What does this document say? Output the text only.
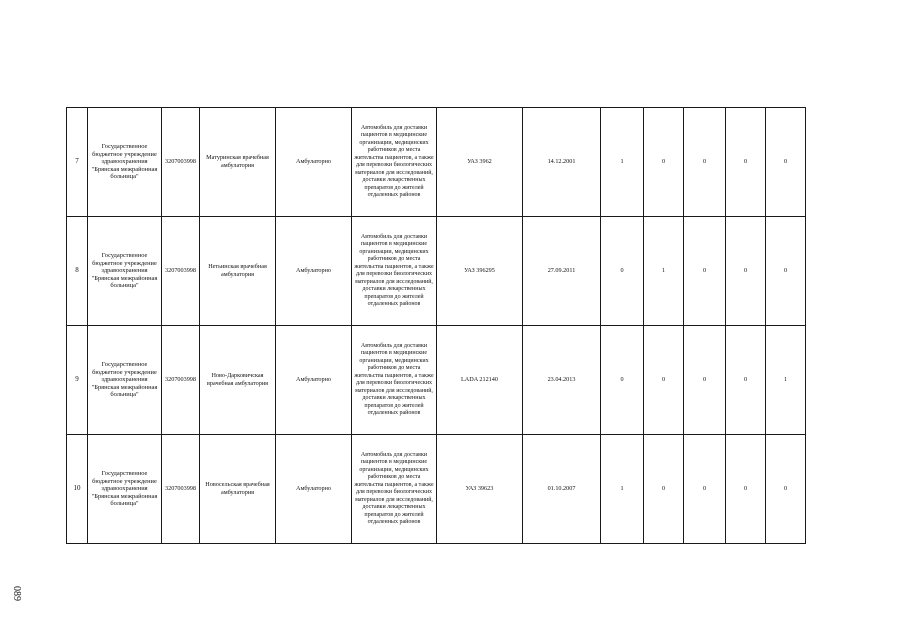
7	Государственное бюджетное учреждение здравоохранения "Брянская межрайонная больница"	3207003998	Матуринская врачебная амбулатория	Амбулаторно	Автомобиль для доставки пациентов в медицинские организации, медицинских работников до места жительства пациентов, а также для перевозки биологических материалов для исследований, доставки лекарственных препаратов до жителей отдаленных районов	УАЗ 3962	14.12.2001	1	0	0	0	0
8	Государственное бюджетное учреждение здравоохранения "Брянская межрайонная больница"	3207003998	Нетьинская врачебная амбулатория	Амбулаторно	Автомобиль для доставки пациентов в медицинские организации, медицинских работников до места жительства пациентов, а также для перевозки биологических материалов для исследований, доставки лекарственных препаратов до жителей отдаленных районов	УАЗ 396295	27.09.2011	0	1	0	0	0
9	Государственное бюджетное учреждение здравоохранения "Брянская межрайонная больница"	3207003998	Ново-Дарковичская врачебная амбулатория	Амбулаторно	Автомобиль для доставки пациентов в медицинские организации, медицинских работников до места жительства пациентов, а также для перевозки биологических материалов для исследований, доставки лекарственных препаратов до жителей отдаленных районов	LADA 212140	23.04.2013	0	0	0	0	1
10	Государственное бюджетное учреждение здравоохранения "Брянская межрайонная больница"	3207003998	Новосельская врачебная амбулатория	Амбулаторно	Автомобиль для доставки пациентов в медицинские организации, медицинских работников до места жительства пациентов, а также для перевозки биологических материалов для исследований, доставки лекарственных препаратов до жителей отдаленных районов	УАЗ 39623	01.10.2007	1	0	0	0	0
089
